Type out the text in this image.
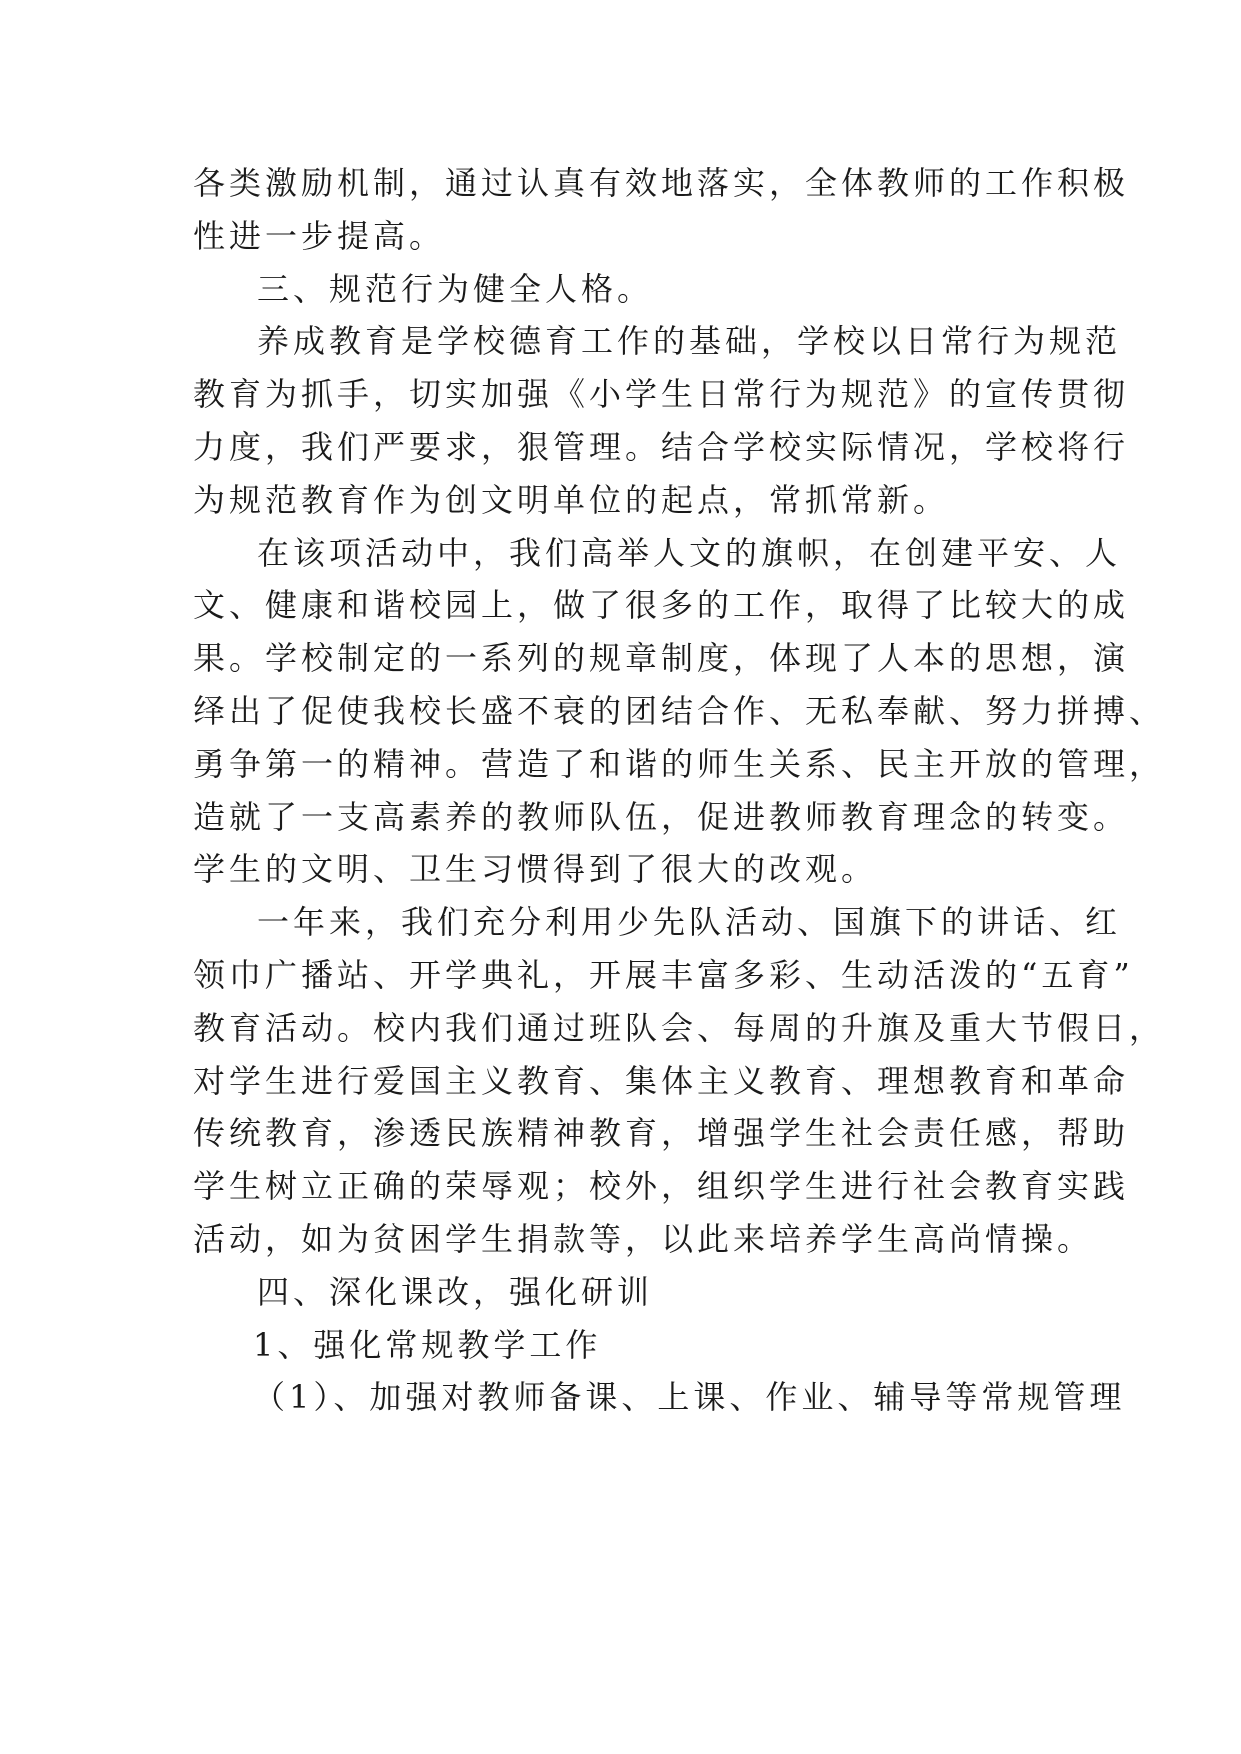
各类激励机制，通过认真有效地落实，全体教师的工作积极
性进一步提高。
三、规范行为健全人格。
养成教育是学校德育工作的基础，学校以日常行为规范
教育为抓手，切实加强《小学生日常行为规范》的宣传贯彻
力度，我们严要求，狠管理。结合学校实际情况，学校将行
为规范教育作为创文明单位的起点，常抓常新。
在该项活动中，我们高举人文的旗帜，在创建平安、人
文、健康和谐校园上，做了很多的工作，取得了比较大的成
果。学校制定的一系列的规章制度，体现了人本的思想，演
绎出了促使我校长盛不衰的团结合作、无私奉献、努力拼搏、
勇争第一的精神。营造了和谐的师生关系、民主开放的管理，
造就了一支高素养的教师队伍，促进教师教育理念的转变。
学生的文明、卫生习惯得到了很大的改观。
一年来，我们充分利用少先队活动、国旗下的讲话、红
领巾广播站、开学典礼，开展丰富多彩、生动活泼的“五育”
教育活动。校内我们通过班队会、每周的升旗及重大节假日，
对学生进行爱国主义教育、集体主义教育、理想教育和革命
传统教育，渗透民族精神教育，增强学生社会责任感，帮助
学生树立正确的荣辱观；校外，组织学生进行社会教育实践
活动，如为贫困学生捐款等，以此来培养学生高尚情操。
四、深化课改，强化研训
1、强化常规教学工作
（1）、加强对教师备课、上课、作业、辅导等常规管理
